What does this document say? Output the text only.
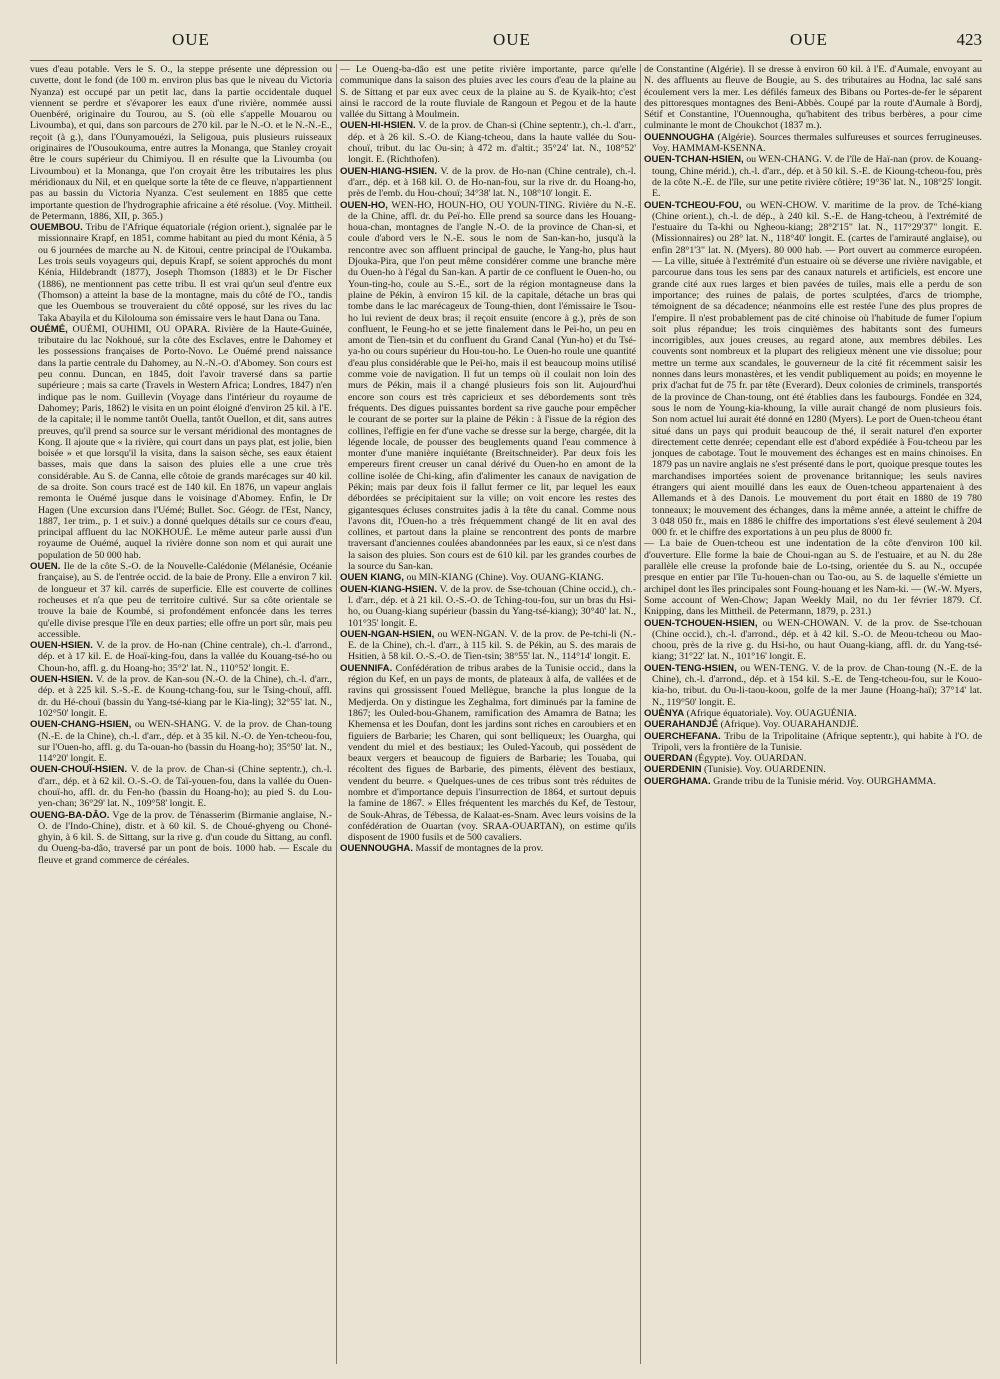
OUE	OUE	OUE	423

vues d'eau potable. Vers le S. O., la steppe présente une dépression ou cuvette, dont le fond (de 100 m. environ plus bas que le niveau du Victoria Nyanza) est occupé par un petit lac, dans la partie occidentale duquel viennent se perdre et s'évaporer les eaux d'une rivière, nommée aussi Ouenbéré, originaire du Tourou, au S. (où elle s'appelle Mouarou ou Livoumba), et qui, dans son parcours de 270 kil. par le N.-O. et le N.-N.-E., reçoit (à g.), dans l'Ounyamouézi, la Seligoua, puis plusieurs ruisseaux originaires de l'Ousoukouma, entre autres la Monanga, que Stanley croyait être le cours supérieur du Chimiyou. Il en résulte que la Livoumba (ou Livoumbou) et la Monanga, que l'on croyait être les tributaires les plus méridionaux du Nil, et en quelque sorte la tête de ce fleuve, n'appartiennent pas au bassin du Victoria Nyanza. C'est seulement en 1885 que cette importante question de l'hydrographie africaine a été résolue. (Voy. Mittheil. de Petermann, 1886, XII, p. 365.)

OUEMBOU. Tribu de l'Afrique équatoriale (région orient.), signalée par le missionnaire Krapf, en 1851, comme habitant au pied du mont Kénia, à 5 ou 6 journées de marche au N. de Kitoui, centre principal de l'Oukamba. Les trois seuls voyageurs qui, depuis Krapf, se soient approchés du mont Kénia, Hildebrandt (1877), Joseph Thomson (1883) et le Dr Fischer (1886), ne mentionnent pas cette tribu. Il est vrai qu'un seul d'entre eux (Thomson) a atteint la base de la montagne, mais du côté de l'O., tandis que les Ouembous se trouveraient du côté opposé, sur les rives du lac Taka Abayila et du Kilolouma son émissaire vers le haut Dana ou Tana.

OUÉMÉ, OUÉMI, OUHIMI, OU OPARA. Rivière de la Haute-Guinée, tributaire du lac Nokhoué, sur la côte des Esclaves, entre le Dahomey et les possessions françaises de Porto-Novo. Le Ouémé prend naissance dans la partie centrale du Dahomey, au N.-N.-O. d'Abomey. Son cours est peu connu. Duncan, en 1845, doit l'avoir traversé dans sa partie supérieure ; mais sa carte (Travels in Western Africa; Londres, 1847) n'en indique pas le nom. Guillevin (Voyage dans l'intérieur du royaume de Dahomey; Paris, 1862) le visita en un point éloigné d'environ 25 kil. à l'E. de la capitale; il le nomme tantôt Ouella, tantôt Ouellon, et dit, sans autres preuves, qu'il prend sa source sur le versant méridional des montagnes de Kong. Il ajoute que « la rivière, qui court dans un pays plat, est jolie, bien boisée » et que lorsqu'il la visita, dans la saison sèche, ses eaux étaient basses, mais que dans la saison des pluies elle a une crue très considérable. Au S. de Canna, elle côtoie de grands marécages sur 40 kil. de sa droite. Son cours tracé est de 140 kil. En 1876, un vapeur anglais remonta le Ouémé jusque dans le voisinage d'Abomey. Enfin, le Dr Hagen (Une excursion dans l'Uémé; Bullet. Soc. Géogr. de l'Est, Nancy, 1887, 1er trim., p. 1 et suiv.) a donné quelques détails sur ce cours d'eau, principal affluent du lac NOKHOUÉ. Le même auteur parle aussi d'un royaume de Ouémé, auquel la rivière donne son nom et qui aurait une population de 50 000 hab.

OUEN. Ile de la côte S.-O. de la Nouvelle-Calédonie (Mélanésie, Océanie française), au S. de l'entrée occid. de la baie de Prony. Elle a environ 7 kil. de longueur et 37 kil. carrés de superficie. Elle est couverte de collines rocheuses et n'a que peu de territoire cultivé. Sur sa côte orientale se trouve la baie de Koumbé, si profondément enfoncée dans les terres qu'elle divise presque l'île en deux parties; elle offre un port sûr, mais peu accessible.

OUEN-HSIEN. V. de la prov. de Ho-nan (Chine centrale), ch.-l. d'arrond., dép. et à 17 kil. E. de Hoaï-king-fou, dans la vallée du Kouang-tsé-ho ou Choun-ho, affl. g. du Hoang-ho; 35°2' lat. N., 110°52' longit. E.

OUEN-HSIEN. V. de la prov. de Kan-sou (N.-O. de la Chine), ch.-l. d'arr., dép. et à 225 kil. S.-S.-E. de Koung-tchang-fou, sur le Tsing-chouï, affl. dr. du Hé-chouï (bassin du Yang-tsé-kiang par le Kia-ling); 32°55' lat. N., 102°50' longit. E.

OUEN-CHANG-HSIEN, ou WEN-SHANG. V. de la prov. de Chan-toung (N.-E. de la Chine), ch.-l. d'arr., dép. et à 35 kil. N.-O. de Yen-tcheou-fou, sur l'Ouen-ho, affl. g. du Ta-ouan-ho (bassin du Hoang-ho); 35°50' lat. N., 114°20' longit. E.

OUEN-CHOUÏ-HSIEN. V. de la prov. de Chan-si (Chine septentr.), ch.-l. d'arr., dép. et à 62 kil. O.-S.-O. de Taï-youen-fou, dans la vallée du Ouen-chouï-ho, affl. dr. du Fen-ho (bassin du Hoang-ho); au pied S. du Lou-yen-chan; 36°29' lat. N., 109°58' longit. E.

OUENG-BA-DÂO. Vge de la prov. de Ténasserim (Birmanie anglaise, N.-O. de l'Indo-Chine), distr. et à 60 kil. S. de Choué-ghyeng ou Choné-ghyin, à 6 kil. S. de Sittang, sur la rive g. d'un coude du Sittang, au confl. du Oueng-ba-dâo, traversé par un pont de bois. 1000 hab. — Escale du fleuve et grand commerce de céréales.

— Le Oueng-ba-dâo est une petite rivière importante, parce qu'elle communique dans la saison des pluies avec les cours d'eau de la plaine au S. de Sittang et par eux avec ceux de la plaine au S. de Kyaik-hto; c'est ainsi le raccord de la route fluviale de Rangoun et Pegou et de la haute vallée du Sittang à Moulmein.

OUEN-HI-HSIEN. V. de la prov. de Chan-si (Chine septentr.), ch.-l. d'arr., dép. et à 26 kil. S.-O. de Kiang-tcheou, dans la haute vallée du Sou-chouï, tribut. du lac Ou-sin; à 472 m. d'altit.; 35°24' lat. N., 108°52' longit. E. (Richthofen).

OUEN-HIANG-HSIEN. V. de la prov. de Ho-nan (Chine centrale), ch.-l. d'arr., dép. et à 168 kil. O. de Ho-nan-fou, sur la rive dr. du Hoang-ho, près de l'emb. du Hou-chouï; 34°38' lat. N., 108°10' longit. E.

OUEN-HO, WEN-HO, HOUN-HO, OU YOUN-TING. Rivière du N.-E. de la Chine, affl. dr. du Peï-ho. Elle prend sa source dans les Houang-houa-chan, montagnes de l'angle N.-O. de la province de Chan-si, et coule d'abord vers le N.-E. sous le nom de San-kan-ho, jusqu'à la rencontre avec son affluent principal de gauche, le Yang-ho, plus haut Djouka-Pira, que l'on peut même considérer comme une branche mère du Ouen-ho à l'égal du San-kan. A partir de ce confluent le Ouen-ho, ou Youn-ting-ho, coule au S.-E., sort de la région montagneuse dans la plaine de Pékin, à environ 15 kil. de la capitale, détache un bras qui tombe dans le lac marécageux de Toung-thien, dont l'émissaire le Tsou-ho lui revient de deux bras; il reçoit ensuite (encore à g.), près de son confluent, le Feung-ho et se jette finalement dans le Peï-ho, un peu en amont de Tien-tsin et du confluent du Grand Canal (Yun-ho) et du Tsé-ya-ho ou cours supérieur du Hou-tou-ho. Le Ouen-ho roule une quantité d'eau plus considérable que le Peï-ho, mais il est beaucoup moins utilisé comme voie de navigation. Il fut un temps où il coulait non loin des murs de Pékin, mais il a changé plusieurs fois son lit. Aujourd'hui encore son cours est très capricieux et ses débordements sont très fréquents. Des digues puissantes bordent sa rive gauche pour empêcher le courant de se porter sur la plaine de Pékin : à l'issue de la région des collines, l'effigie en fer d'une vache se dresse sur la berge, chargée, dit la légende locale, de pousser des beuglements quand l'eau commence à monter d'une manière inquiétante (Breitschneider). Par deux fois les empereurs firent creuser un canal dérivé du Ouen-ho en amont de la colline isolée de Chi-king, afin d'alimenter les canaux de navigation de Pékin; mais par deux fois il fallut fermer ce lit, par lequel les eaux débordées se précipitaient sur la ville; on voit encore les restes des gigantesques écluses construites jadis à la tête du canal. Comme nous l'avons dit, l'Ouen-ho a très fréquemment changé de lit en aval des collines, et partout dans la plaine se rencontrent des ponts de marbre traversant d'anciennes coulées abandonnées par les eaux, si ce n'est dans la saison des pluies. Son cours est de 610 kil. par les grandes courbes de la source du San-kan.

OUEN KIANG, ou MIN-KIANG (Chine). Voy. OUANG-KIANG.

OUEN-KIANG-HSIEN. V. de la prov. de Sse-tchouan (Chine occid.), ch.-l. d'arr., dép. et à 21 kil. O.-S.-O. de Tching-tou-fou, sur un bras du Hsi-ho, ou Ouang-kiang supérieur (bassin du Yang-tsé-kiang); 30°40' lat. N., 101°35' longit. E.

OUEN-NGAN-HSIEN, ou WEN-NGAN. V. de la prov. de Pe-tchi-li (N.-E. de la Chine), ch.-l. d'arr., à 115 kil. S. de Pékin, au S. des marais de Hsitien, à 58 kil. O.-S.-O. de Tien-tsin; 38°55' lat. N., 114°14' longit. E.

OUENNIFA. Confédération de tribus arabes de la Tunisie occid., dans la région du Kef, en un pays de monts, de plateaux à alfa, de vallées et de ravins qui grossissent l'oued Mellègue, branche la plus longue de la Medjerda. On y distingue les Zeghalma, fort diminués par la famine de 1867; les Ouled-bou-Ghanem, ramification des Amamra de Batna; les Khemensa et les Doufan, dont les jardins sont riches en caroubiers et en figuiers de Barbarie; les Charen, qui sont belliqueux; les Ouargha, qui vendent du miel et des bestiaux; les Ouled-Yacoub, qui possèdent de beaux vergers et beaucoup de figuiers de Barbarie; les Touaba, qui récoltent des figues de Barbarie, des piments, élèvent des bestiaux, vendent du beurre. « Quelques-unes de ces tribus sont très réduites de nombre et d'importance depuis l'insurrection de 1864, et surtout depuis la famine de 1867. » Elles fréquentent les marchés du Kef, de Testour, de Souk-Ahras, de Tébessa, de Kalaat-es-Snam. Avec leurs voisins de la confédération de Ouartan (voy. SRAA-OUARTAN), on estime qu'ils disposent de 1900 fusils et de 500 cavaliers.

OUENNOUGHA. Massif de montagnes de la prov.

de Constantine (Algérie). Il se dresse à environ 60 kil. à l'E. d'Aumale, envoyant au N. des affluents au fleuve de Bougie, au S. des tributaires au Hodna, lac salé sans écoulement vers la mer. Les défilés fameux des Bibans ou Portes-de-fer le séparent des pittoresques montagnes des Beni-Abbès. Coupé par la route d'Aumale à Bordj, Sétif et Constantine, l'Ouennougha, qu'habitent des tribus berbères, a pour cime culminante le mont de Choukchot (1837 m.).

OUENNOUGHA (Algérie). Sources thermales sulfureuses et sources ferrugineuses. Voy. HAMMAM-KSENNA.

OUEN-TCHAN-HSIEN, ou WEN-CHANG. V. de l'île de Haï-nan (prov. de Kouang-toung, Chine mérid.), ch.-l. d'arr., dép. et à 50 kil. S.-E. de Kioung-tcheou-fou, près de la côte N.-E. de l'île, sur une petite rivière côtière; 19°36' lat. N., 108°25' longit. E.

OUEN-TCHEOU-FOU, ou WEN-CHOW. V. maritime de la prov. de Tché-kiang (Chine orient.), ch.-l. de dép., à 240 kil. S.-E. de Hang-tcheou, à l'extrémité de l'estuaire du Ta-khi ou Ngheou-kiang; 28°2'15" lat. N., 117°29'37" longit. E. (Missionnaires) ou 28° lat. N., 118°40' longit. E. (cartes de l'amirauté anglaise), ou enfin 28°1'3" lat. N. (Myers). 80 000 hab. — Port ouvert au commerce européen. — La ville, située à l'extrémité d'un estuaire où se déverse une rivière navigable, et parcourue dans tous les sens par des canaux naturels et artificiels, est encore une grande cité aux rues larges et bien pavées de tuiles, mais elle a perdu de son importance; des ruines de palais, de portes sculptées, d'arcs de triomphe, témoignent de sa décadence; néanmoins elle est restée l'une des plus propres de l'empire. Il n'est probablement pas de cité chinoise où l'habitude de fumer l'opium soit plus répandue; les trois cinquièmes des habitants sont des fumeurs incorrigibles, aux joues creuses, au regard atone, aux membres débiles. Les couvents sont nombreux et la plupart des religieux mènent une vie dissolue; pour mettre un terme aux scandales, le gouverneur de la cité fit récemment saisir les nonnes dans leurs monastères, et les vendit publiquement au poids; en moyenne le prix d'achat fut de 75 fr. par tête (Everard). Deux colonies de criminels, transportés de la province de Chan-toung, ont été établies dans les faubourgs. Fondée en 324, sous le nom de Young-kia-khoung, la ville aurait changé de nom plusieurs fois. Son nom actuel lui aurait été donné en 1280 (Myers). Le port de Ouen-tcheou étant situé dans un pays qui produit beaucoup de thé, il serait naturel d'en exporter directement cette denrée; cependant elle est d'abord expédiée à Fou-tcheou par les jonques de cabotage. Tout le mouvement des échanges est en mains chinoises. En 1879 pas un navire anglais ne s'est présenté dans le port, quoique presque toutes les marchandises importées soient de provenance britannique; les seuls navires étrangers qui aient mouillé dans les eaux de Ouen-tcheou appartenaient à des Allemands et à des Danois. Le mouvement du port était en 1880 de 19 780 tonneaux; le mouvement des échanges, dans la même année, a atteint le chiffre de 3 048 050 fr., mais en 1886 le chiffre des importations s'est élevé seulement à 204 000 fr. et le chiffre des exportations à un peu plus de 8000 fr.

— La baie de Ouen-tcheou est une indentation de la côte d'environ 100 kil. d'ouverture. Elle forme la baie de Choui-ngan au S. de l'estuaire, et au N. du 28e parallèle elle creuse la profonde baie de Lo-tsing, orientée du S. au N., occupée presque en entier par l'île Tu-houen-chan ou Tao-ou, au S. de laquelle s'émiette un archipel dont les îles principales sont Foung-houang et les Nam-ki. — (W.-W. Myers, Some account of Wen-Chow; Japan Weekly Mail, no du 1er février 1879. Cf. Knipping, dans les Mittheil. de Petermann, 1879, p. 231.)

OUEN-TCHOUEN-HSIEN, ou WEN-CHOWAN. V. de la prov. de Sse-tchouan (Chine occid.), ch.-l. d'arrond., dép. et à 42 kil. S.-O. de Meou-tcheou ou Mao-choou, près de la rive g. du Hsi-ho, ou haut Ouang-kiang, affl. dr. du Yang-tsé-kiang; 31°22' lat. N., 101°16' longit. E.

OUEN-TENG-HSIEN, ou WEN-TENG. V. de la prov. de Chan-toung (N.-E. de la Chine), ch.-l. d'arrond., dép. et à 154 kil. S.-E. de Teng-tcheou-fou, sur le Kouo-kia-ho, tribut. du Ou-li-taou-koou, golfe de la mer Jaune (Hoang-haï); 37°14' lat. N., 119°50' longit. E.

OUÈNYA (Afrique équatoriale). Voy. OUAGUÉNIA.

OUERAHANDJÉ (Afrique). Voy. OUARAHANDJÉ.

OUERCHEFANA. Tribu de la Tripolitaine (Afrique septentr.), qui habite à l'O. de Tripoli, vers la frontière de la Tunisie.

OUERDAN (Égypte). Voy. OUARDAN.

OUERDENIN (Tunisie). Voy. OUARDENIN.

OUERGHAMA. Grande tribu de la Tunisie mérid. Voy. OURGHAMMA.
